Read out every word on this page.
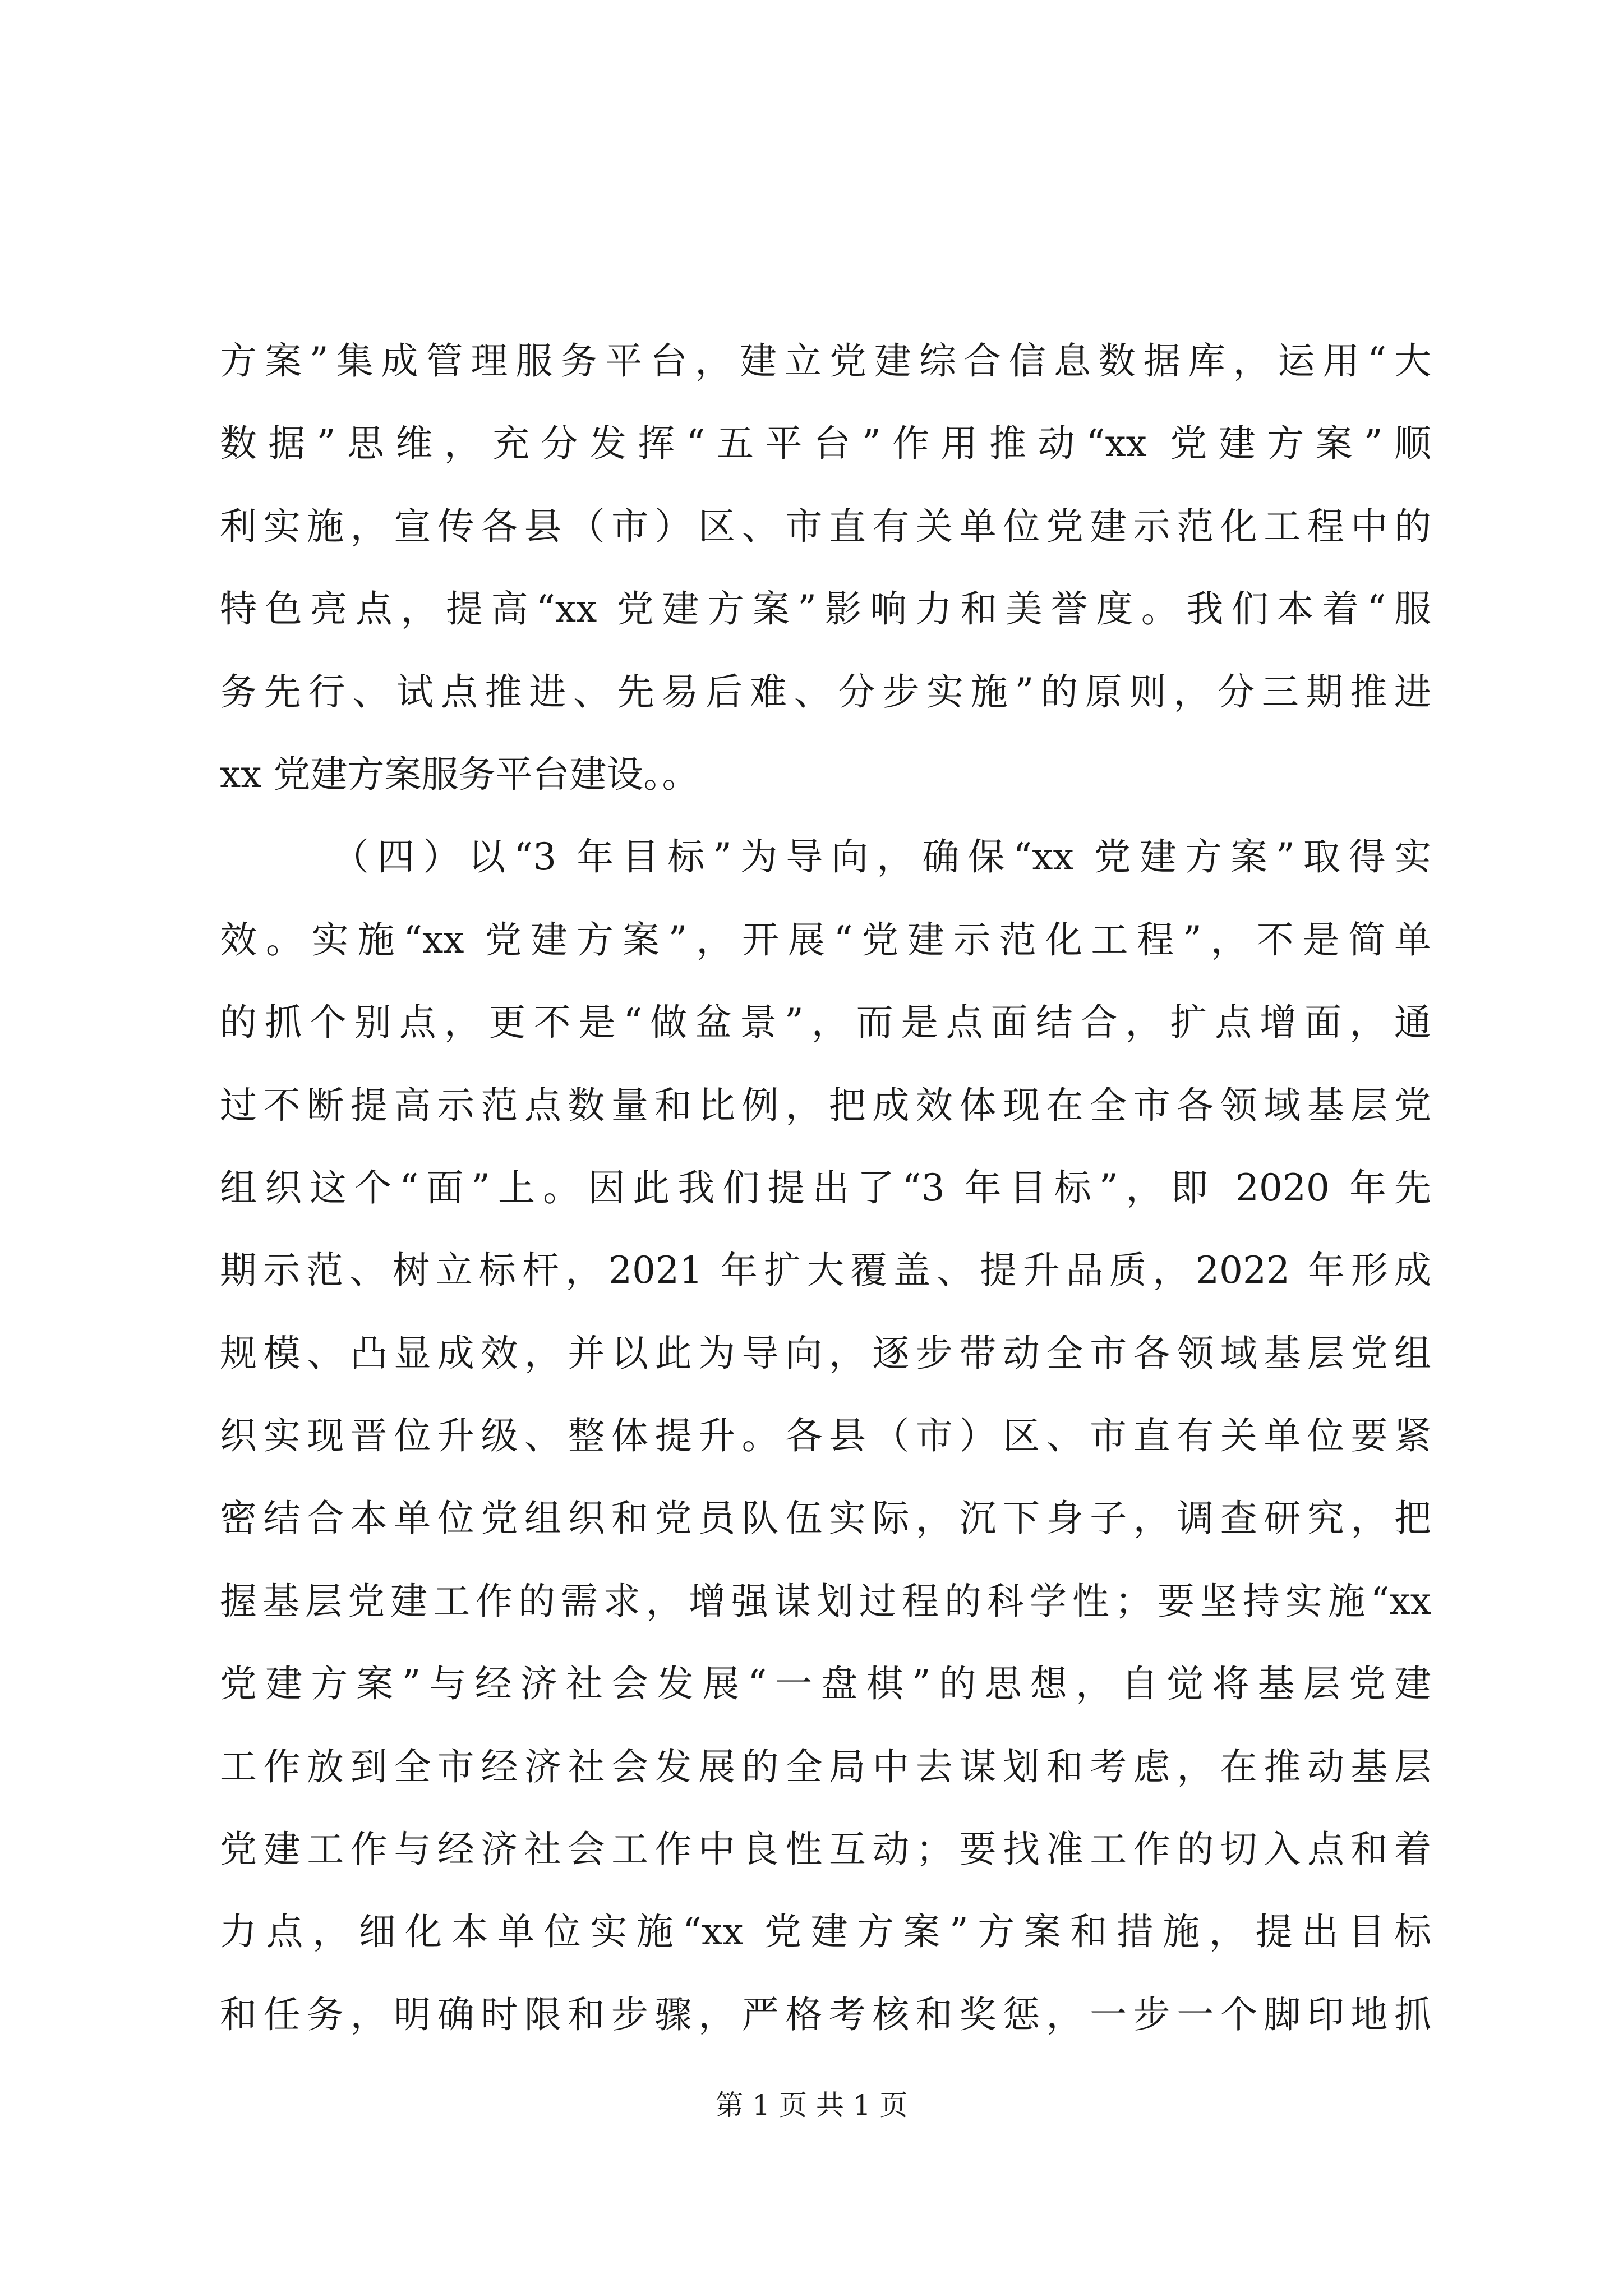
方案”集成管理服务平台，建立党建综合信息数据库，运用“大
数据”思维，充分发挥“五平台”作用推动“xx 党建方案”顺
利实施，宣传各县（市）区、市直有关单位党建示范化工程中的
特色亮点，提高“xx 党建方案”影响力和美誉度。我们本着“服
务先行、试点推进、先易后难、分步实施”的原则，分三期推进
xx 党建方案服务平台建设。。
（四）以“3 年目标”为导向，确保“xx 党建方案”取得实
效。实施“xx 党建方案”，开展“党建示范化工程”，不是简单
的抓个别点，更不是“做盆景”，而是点面结合，扩点增面，通
过不断提高示范点数量和比例，把成效体现在全市各领域基层党
组织这个“面”上。因此我们提出了“3 年目标”，即 2020 年先
期示范、树立标杆，2021 年扩大覆盖、提升品质，2022 年形成
规模、凸显成效，并以此为导向，逐步带动全市各领域基层党组
织实现晋位升级、整体提升。各县（市）区、市直有关单位要紧
密结合本单位党组织和党员队伍实际，沉下身子，调查研究，把
握基层党建工作的需求，增强谋划过程的科学性；要坚持实施“xx
党建方案”与经济社会发展“一盘棋”的思想，自觉将基层党建
工作放到全市经济社会发展的全局中去谋划和考虑，在推动基层
党建工作与经济社会工作中良性互动；要找准工作的切入点和着
力点，细化本单位实施“xx 党建方案”方案和措施，提出目标
和任务，明确时限和步骤，严格考核和奖惩，一步一个脚印地抓
第 1 页 共 1 页
